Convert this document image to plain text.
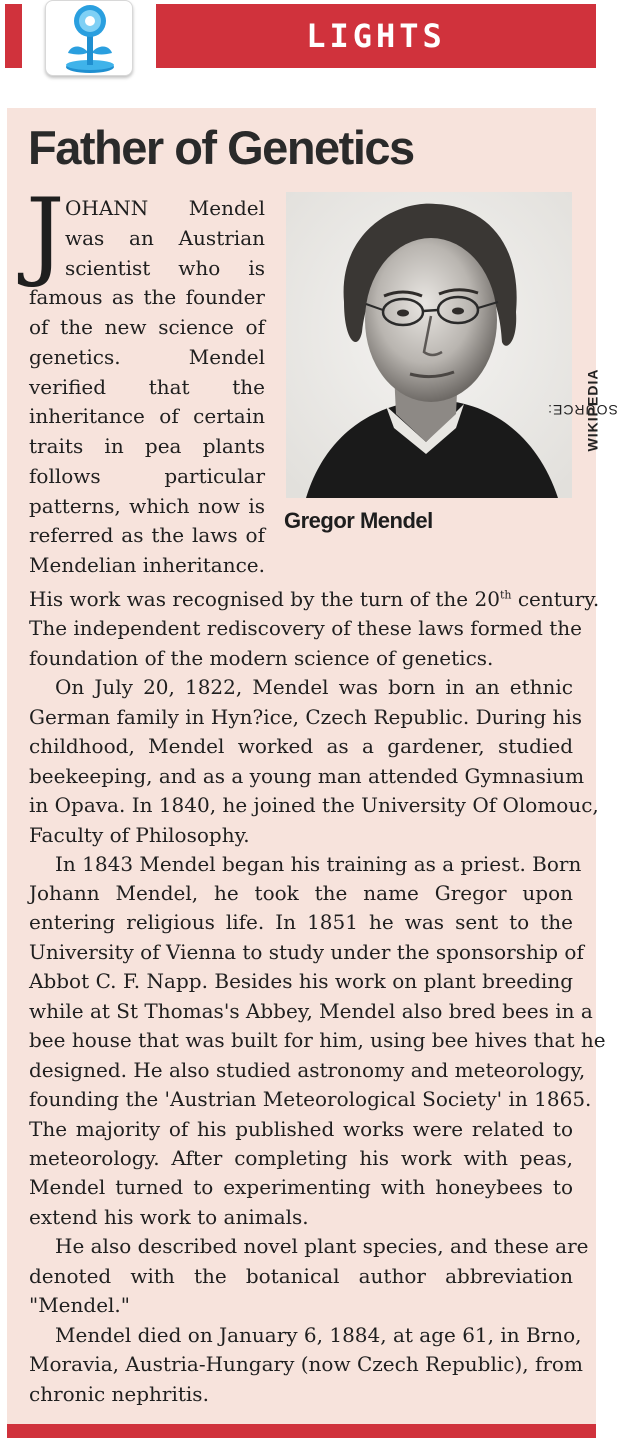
LIGHTS
Father of Genetics
SOURCE:
WIKIPEDIA

Gregor Mendel

J OHANN Mendel

was an Austrian

scientist who is

famous as the founder

of the new science of

genetics. Mendel

verified that the

inheritance of certain

traits in pea plants

follows particular

patterns, which now is

referred as the laws of

Mendelian inheritance.

His work was recognised by the turn of the 20th century.

The independent rediscovery of these laws formed the

foundation of the modern science of genetics.

On July 20, 1822, Mendel was born in an ethnic

German family in Hyn?ice, Czech Republic. During his

childhood, Mendel worked as a gardener, studied

beekeeping, and as a young man attended Gymnasium

in Opava. In 1840, he joined the University Of Olomouc,

Faculty of Philosophy.

In 1843 Mendel began his training as a priest. Born

Johann Mendel, he took the name Gregor upon

entering religious life. In 1851 he was sent to the

University of Vienna to study under the sponsorship of

Abbot C. F. Napp. Besides his work on plant breeding

while at St Thomas's Abbey, Mendel also bred bees in a

bee house that was built for him, using bee hives that he

designed. He also studied astronomy and meteorology,

founding the 'Austrian Meteorological Society' in 1865.

The majority of his published works were related to

meteorology. After completing his work with peas,

Mendel turned to experimenting with honeybees to

extend his work to animals.

He also described novel plant species, and these are

denoted with the botanical author abbreviation

"Mendel."

Mendel died on January 6, 1884, at age 61, in Brno,

Moravia, Austria-Hungary (now Czech Republic), from

chronic nephritis.
